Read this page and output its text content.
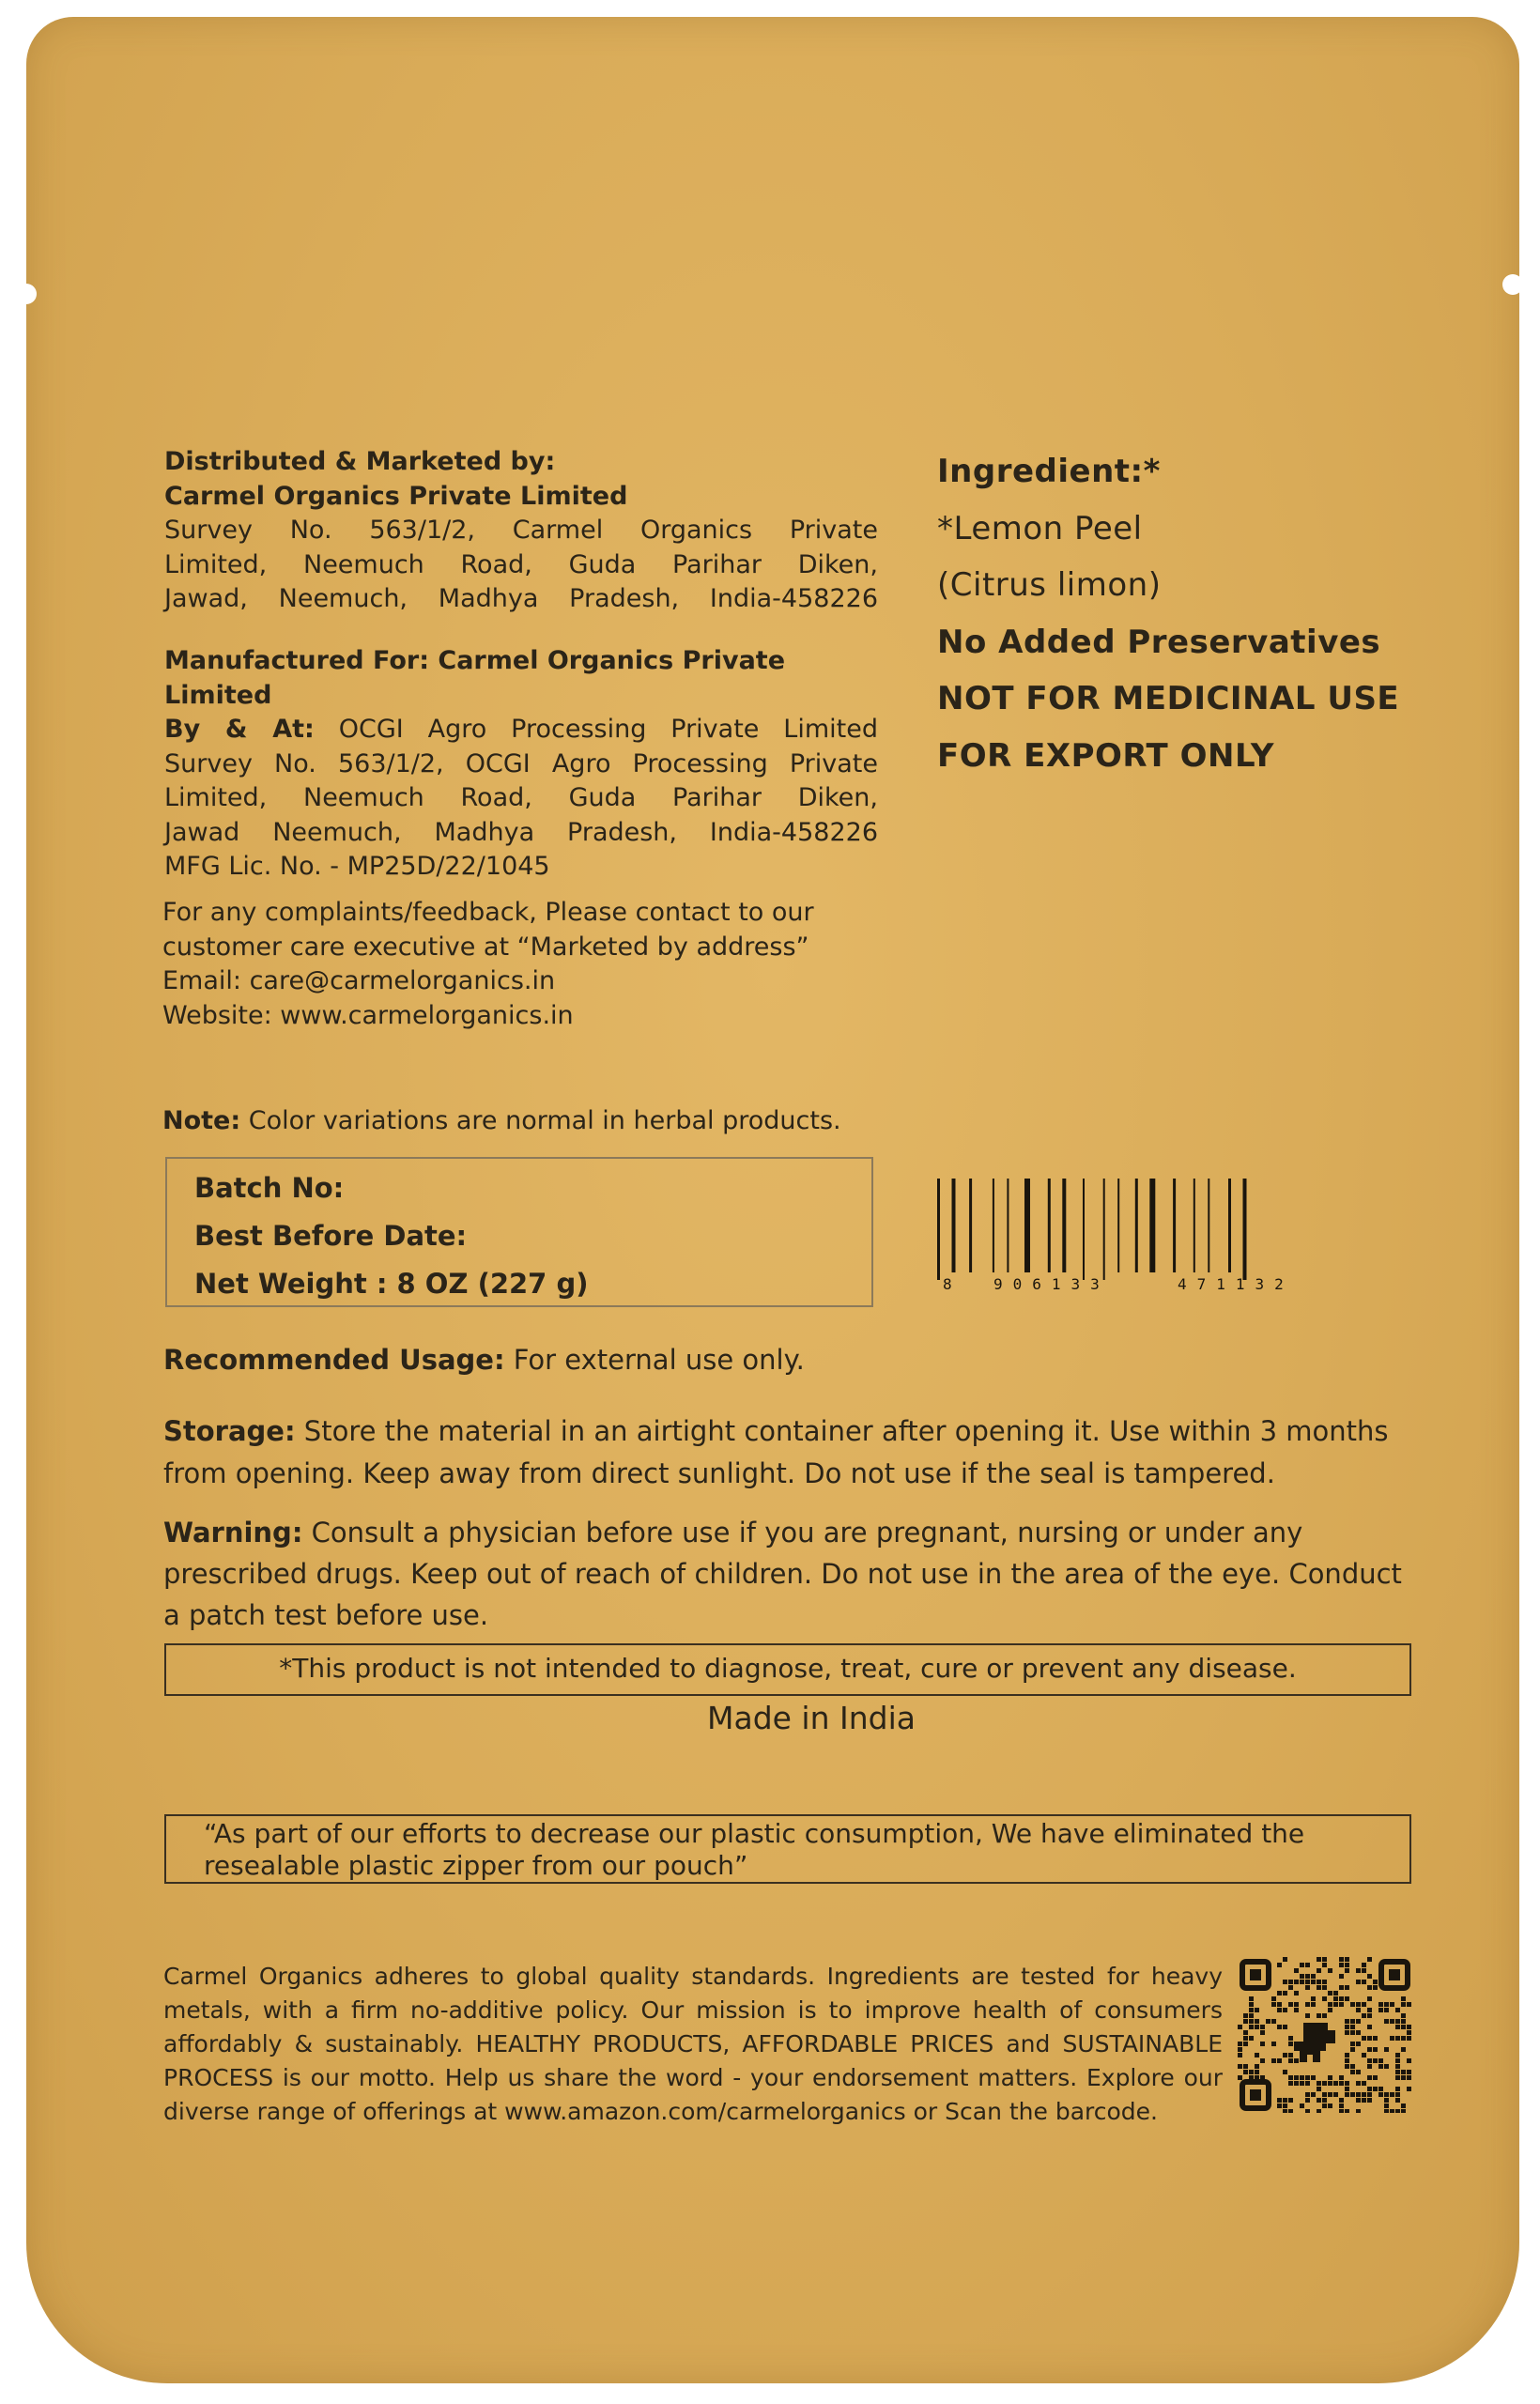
Distributed & Marketed by:

Carmel Organics Private Limited

Survey No. 563/1/2, Carmel Organics Private

Limited, Neemuch Road, Guda Parihar Diken,

Jawad, Neemuch, Madhya Pradesh, India-458226

Manufactured For: Carmel Organics Private Limited

By & At: OCGI Agro Processing Private Limited

Survey No. 563/1/2, OCGI Agro Processing Private

Limited, Neemuch Road, Guda Parihar Diken,

Jawad Neemuch, Madhya Pradesh, India-458226

MFG Lic. No. - MP25D/22/1045

For any complaints/feedback, Please contact to our

customer care executive at “Marketed by address”

Email: care@carmelorganics.in

Website: www.carmelorganics.in

Note: Color variations are normal in herbal products.

Ingredient:*

*Lemon Peel

(Citrus limon)

No Added Preservatives

NOT FOR MEDICINAL USE

FOR EXPORT ONLY

Batch No:
Best Before Date:
Net Weight : 8 OZ (227 g)	8	906133	471132
Recommended Usage: For external use only.
Storage: Store the material in an airtight container after opening it. Use within 3 months from opening. Keep away from direct sunlight. Do not use if the seal is tampered.
Warning: Consult a physician before use if you are pregnant, nursing or under any prescribed drugs. Keep out of reach of children. Do not use in the area of the eye. Conduct a patch test before use.
*This product is not intended to diagnose, treat, cure or prevent any disease.
Made in India
“As part of our efforts to decrease our plastic consumption, We have eliminated the resealable plastic zipper from our pouch”
Carmel Organics adheres to global quality standards. Ingredients are tested for heavy metals, with a firm no-additive policy. Our mission is to improve health of consumers affordably & sustainably. HEALTHY PRODUCTS, AFFORDABLE PRICES and SUSTAINABLE PROCESS is our motto. Help us share the word - your endorsement matters. Explore our diverse range of offerings at www.amazon.com/carmelorganics or Scan the barcode.
